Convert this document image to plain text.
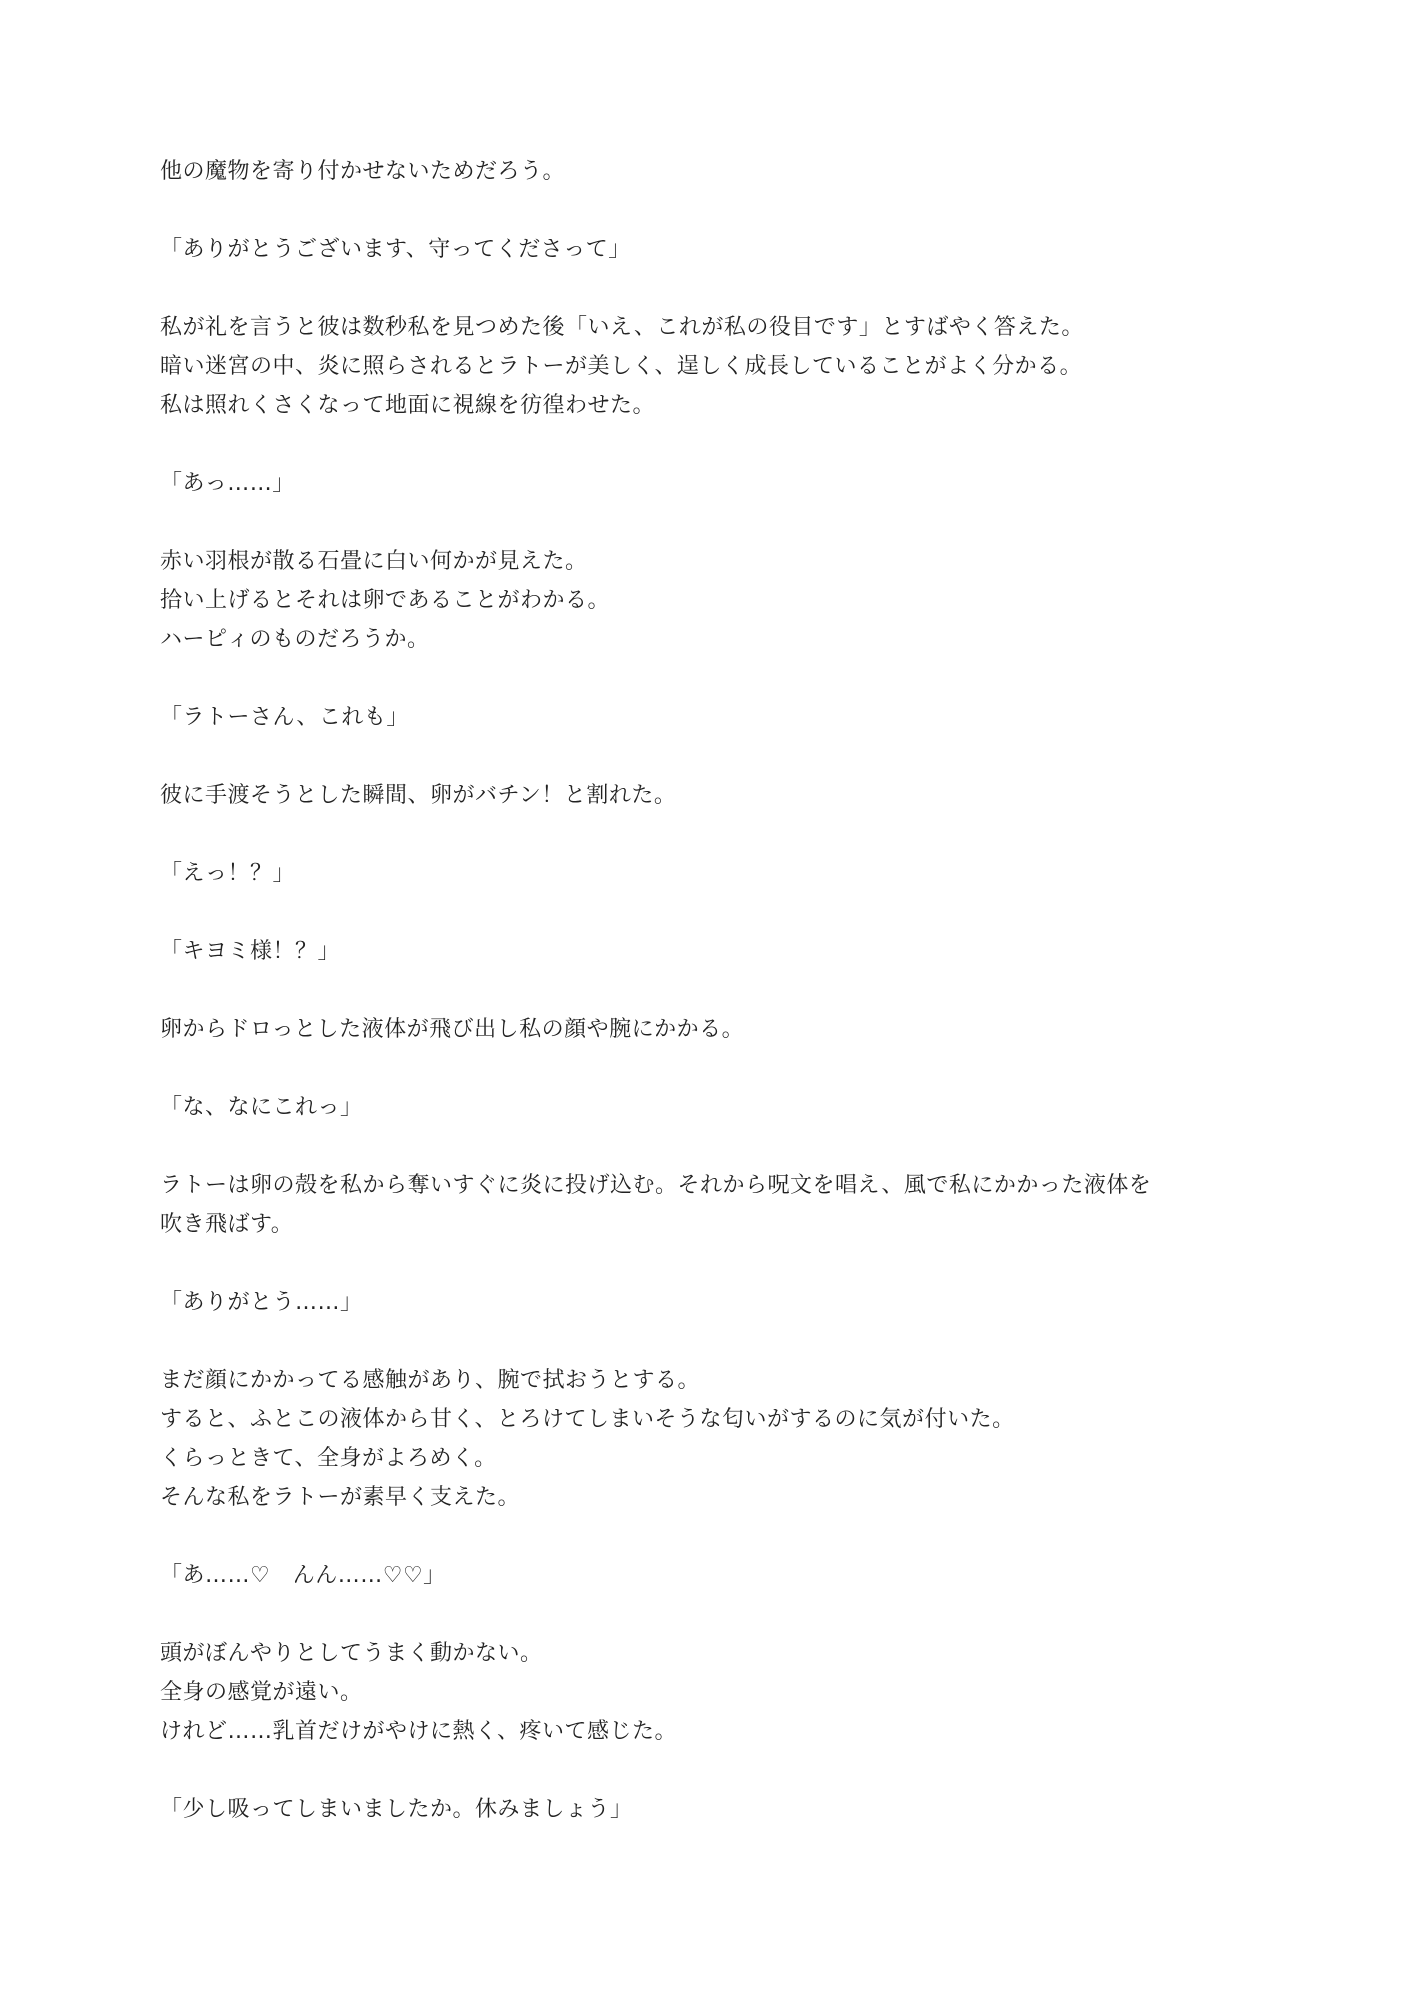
他の魔物を寄り付かせないためだろう。
「ありがとうございます、守ってくださって」
私が礼を言うと彼は数秒私を見つめた後「いえ、これが私の役目です」とすばやく答えた。
暗い迷宮の中、炎に照らされるとラトーが美しく、逞しく成長していることがよく分かる。
私は照れくさくなって地面に視線を彷徨わせた。
「あっ……」
赤い羽根が散る石畳に白い何かが見えた。
拾い上げるとそれは卵であることがわかる。
ハーピィのものだろうか。
「ラトーさん、これも」
彼に手渡そうとした瞬間、卵がバチン！と割れた。
「えっ！？」
「キヨミ様！？」
卵からドロっとした液体が飛び出し私の顔や腕にかかる。
「な、なにこれっ」
ラトーは卵の殻を私から奪いすぐに炎に投げ込む。それから呪文を唱え、風で私にかかった液体を
吹き飛ばす。
「ありがとう……」
まだ顔にかかってる感触があり、腕で拭おうとする。
すると、ふとこの液体から甘く、とろけてしまいそうな匂いがするのに気が付いた。
くらっときて、全身がよろめく。
そんな私をラトーが素早く支えた。
「あ……♡　んん……♡♡」
頭がぼんやりとしてうまく動かない。
全身の感覚が遠い。
けれど……乳首だけがやけに熱く、疼いて感じた。
「少し吸ってしまいましたか。休みましょう」
